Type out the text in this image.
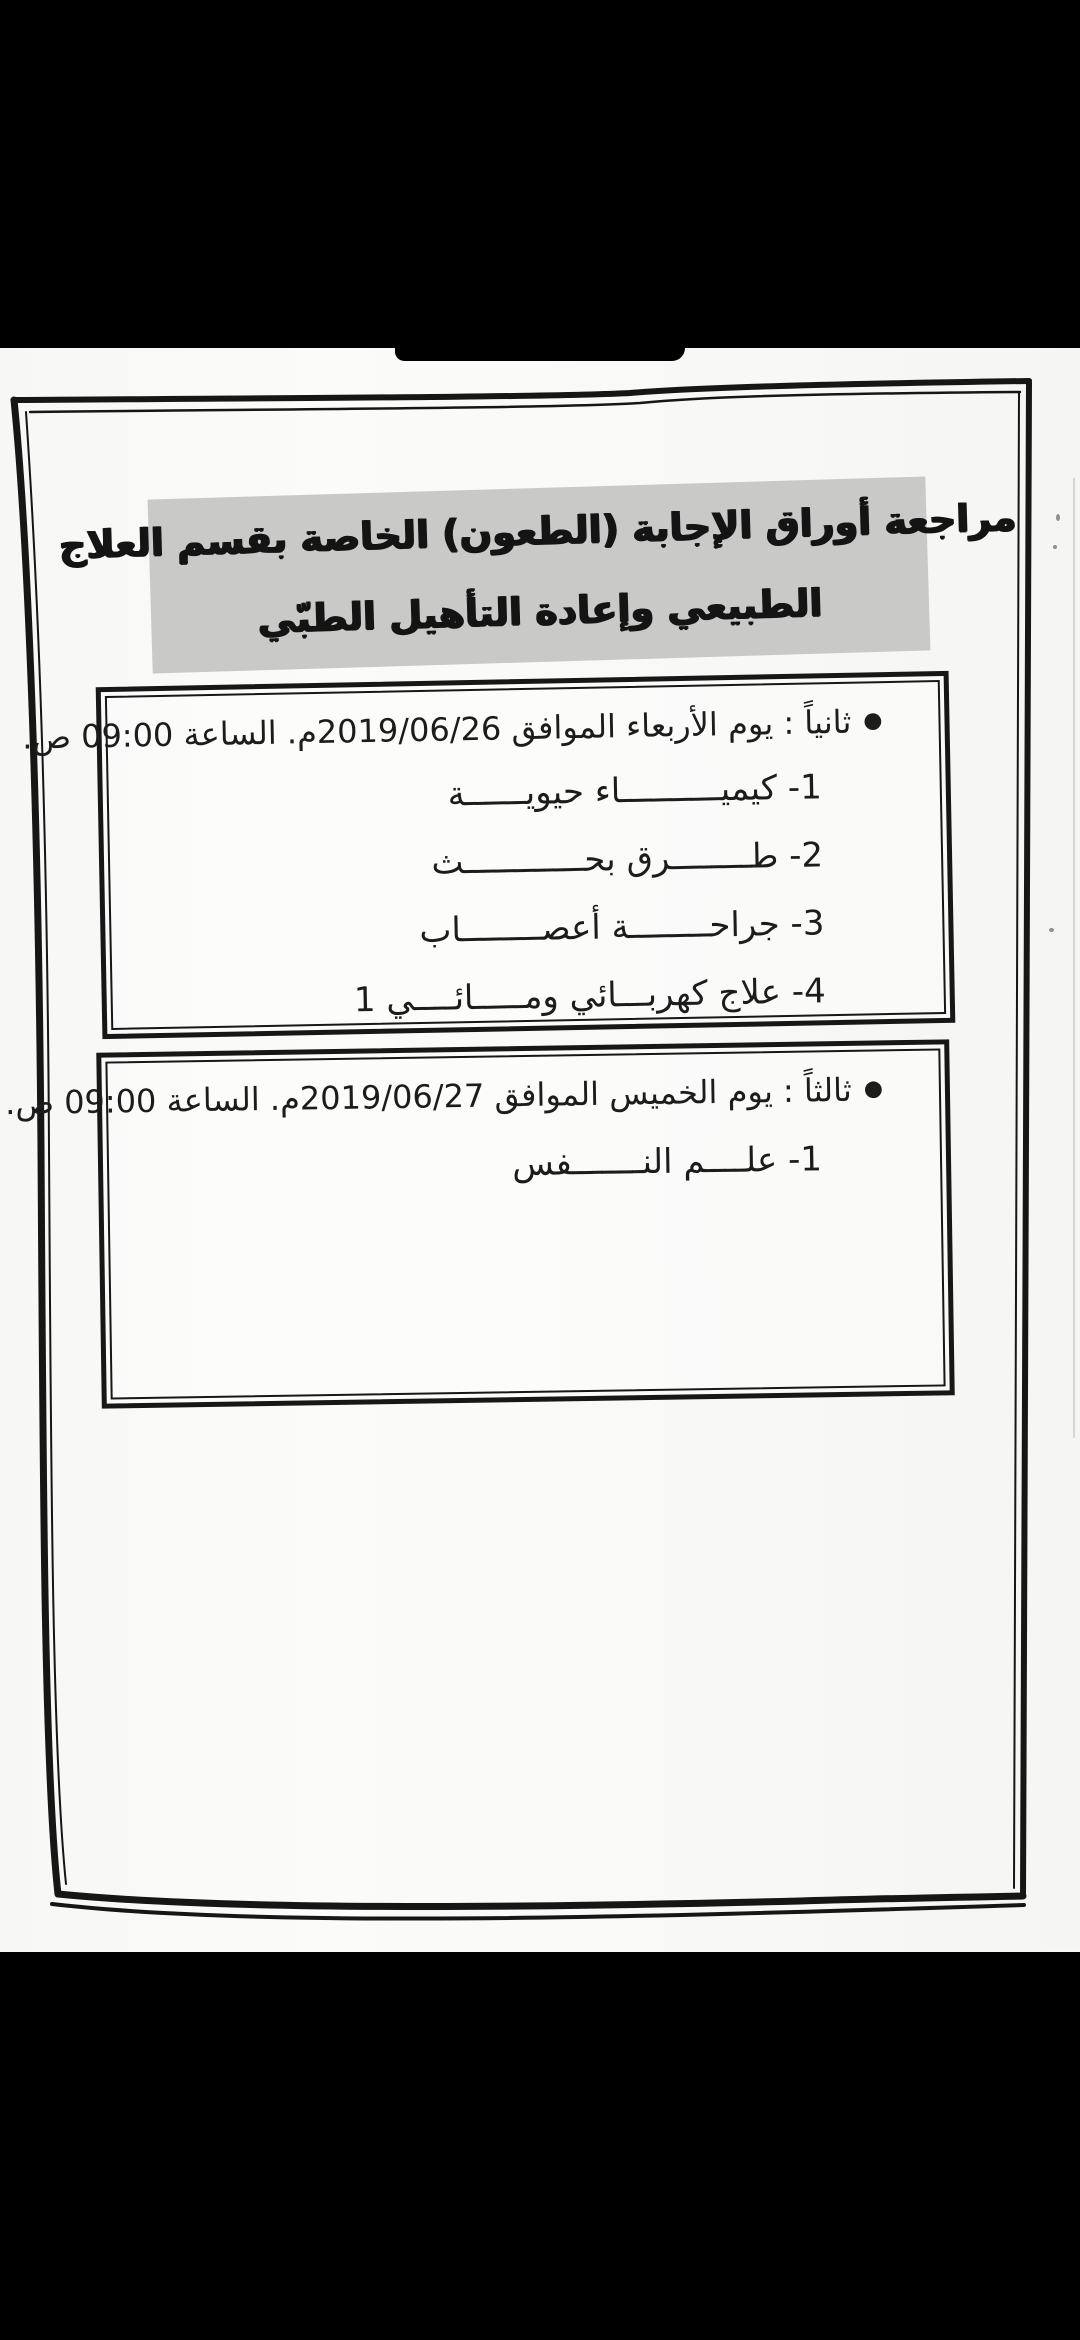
مراجعة أوراق الإجابة (الطعون) الخاصة بقسم العلاج
الطبيعي وإعادة التأهيل الطبّي
●ثانياً : يوم الأربعاء الموافق 2019/06/26م. الساعة 09:00 ص.
1- كيميــــــــــاء حيويــــــة
2- طــــــــرق بحــــــــــــث
3- جراحــــــــة أعصــــــــاب
4- علاج كهربـــائي ومـــــائــــي 1
●ثالثاً : يوم الخميس الموافق 2019/06/27م. الساعة 09:00 ص.
1- علــــم النـــــــفس
